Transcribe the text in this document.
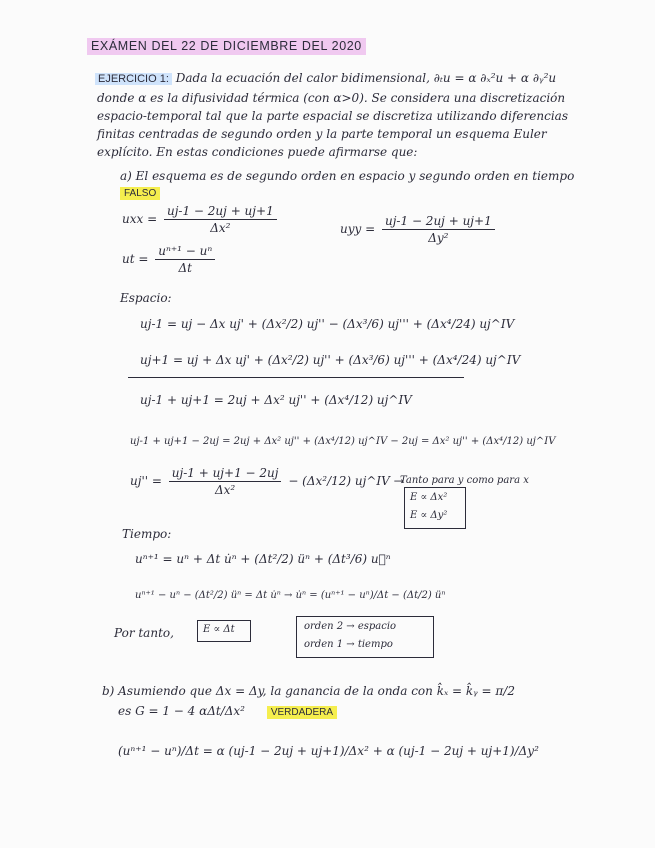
EXÁMEN DEL 22 DE DICIEMBRE DEL 2020
EJERCICIO 1: Dada la ecuación del calor bidimensional, ∂ₜu = α ∂ₓ²u + α ∂ᵧ²u
donde α es la difusividad térmica (con α>0). Se considera una discretización
espacio-temporal tal que la parte espacial se discretiza utilizando diferencias
finitas centradas de segundo orden y la parte temporal un esquema Euler
explícito. En estas condiciones puede afirmarse que:
a) El esquema es de segundo orden en espacio y segundo orden en tiempo
FALSO
uxx = $\frac{uj-1 - 2uj + uj+1}{\text{Δx²}}$	uyy = $\frac{uj-1 - 2uj + uj+1}{\text{Δy²}}$
ut = $\frac{\text{uⁿ⁺¹ − uⁿ}}{\Delta t}$
Espacio:
uj-1 = uj − Δx uj' + (Δx²/2) uj'' − (Δx³/6) uj''' + (Δx⁴/24) uj^IV
uj+1 = uj + Δx uj' + (Δx²/2) uj'' + (Δx³/6) uj''' + (Δx⁴/24) uj^IV
uj-1 + uj+1 = 2uj + Δx² uj'' + (Δx⁴/12) uj^IV
uj-1 + uj+1 − 2uj = 2uj + Δx² uj'' + (Δx⁴/12) uj^IV − 2uj = Δx² uj'' + (Δx⁴/12) uj^IV
$uj'' = \frac{uj-1 + uj+1 - 2uj}{\text{Δx²}} - (\Delta x^2/12)$ uj^IV →
Tanto para y como para x
E ∝ Δx²
E ∝ Δy²
Tiempo:
uⁿ⁺¹ = uⁿ + Δt u̇ⁿ + (Δt²/2) üⁿ + (Δt³/6) u⃛ⁿ
uⁿ⁺¹ − uⁿ − (Δt²/2) üⁿ = Δt u̇ⁿ → u̇ⁿ = (uⁿ⁺¹ − uⁿ)/Δt − (Δt/2) üⁿ
Por tanto,	E ∝ Δt	orden 2 → espacio
orden 1 → tiempo
b) Asumiendo que Δx = Δy, la ganancia de la onda con k̂ₓ = k̂ᵧ = π/2
es G = 1 − 4 αΔt/Δx²	VERDADERA
(uⁿ⁺¹ − uⁿ)/Δt = α (uj-1 − 2uj + uj+1)/Δx² + α (uj-1 − 2uj + uj+1)/Δy²
